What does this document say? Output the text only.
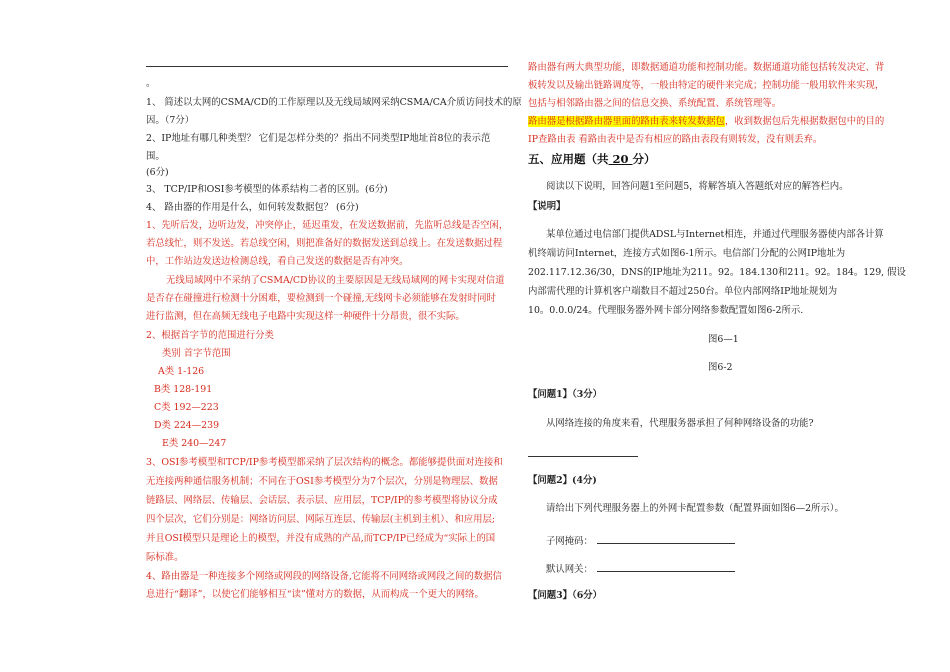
。
1、 简述以太网的CSMA/CD的工作原理以及无线局域网采纳CSMA/CA介质访问技术的原
因。（7分）
2、IP地址有哪几种类型？ 它们是怎样分类的？指出不同类型IP地址首8位的表示范
围。
(6分)
3、 TCP/IP和OSI参考模型的体系结构二者的区别。(6分)
4、 路由器的作用是什么，如何转发数据包？ (6分)
1、先听后发，边听边发，冲突停止，延迟重发，在发送数据前，先监听总线是否空闲，
若总线忙，则不发送。若总线空闲，则把准备好的数据发送到总线上。在发送数据过程
中，工作站边发送边检测总线，看自己发送的数据是否有冲突。
无线局域网中不采纳了CSMA/CD协议的主要原因是无线局域网的网卡实现对信道
是否存在碰撞进行检测十分困难，要检测到一个碰撞,无线网卡必须能够在发射时同时
进行监测，但在高频无线电子电路中实现这样一种硬件十分昂贵，很不实际。
2、根据首字节的范围进行分类
类别 首字节范围
A类 1-126
B类 128-191
C类 192—223
D类 224—239
E类 240—247
3、OSI参考模型和TCP/IP参考模型都采纳了层次结构的概念。都能够提供面对连接和
无连接两种通信服务机制；不同在于OSI参考模型分为7个层次，分别是物理层、数据
链路层、网络层、传输层、会话层、表示层、应用层，TCP/IP的参考模型将协议分成
四个层次，它们分别是：网络访问层、网际互连层、传输层(主机到主机）、和应用层;
并且OSI模型只是理论上的模型，并没有成熟的产品,而TCP/IP已经成为“实际上的国
际标准。
4、路由器是一种连接多个网络或网段的网络设备,它能将不同网络或网段之间的数据信
息进行“翻译”，以使它们能够相互“读”懂对方的数据，从而构成一个更大的网络。
路由器有两大典型功能，即数据通道功能和控制功能。数据通道功能包括转发决定、背
板转发以及输出链路调度等，一般由特定的硬件来完成；控制功能一般用软件来实现，
包括与相邻路由器之间的信息交换、系统配置、系统管理等。
路由器是根据路由器里面的路由表来转发数据包，收到数据包后先根据数据包中的目的
IP查路由表 看路由表中是否有相应的路由表段有则转发，没有则丢弃。
五、应用题（共 20 分）
阅读以下说明，回答问题1至问题5，将解答填入答题纸对应的解答栏内。
【说明】
某单位通过电信部门提供ADSL与Internet相连，并通过代理服务器使内部各计算
机终端访问Internet，连接方式如图6-1所示。电信部门分配的公网IP地址为
202.117.12.36/30，DNS的IP地址为211。92。184.130和211。92。184。129, 假设
内部需代理的计算机客户端数目不超过250台。单位内部网络IP地址规划为
10。0.0.0/24。代理服务器外网卡部分网络参数配置如图6-2所示.
图6—1
图6-2
【问题1】（3分）
从网络连接的角度来看，代理服务器承担了何种网络设备的功能?
【问题2】(4分)
请给出下列代理服务器上的外网卡配置参数（配置界面如图6—2所示）。
子网掩码：
默认网关：
【问题3】（6分）
